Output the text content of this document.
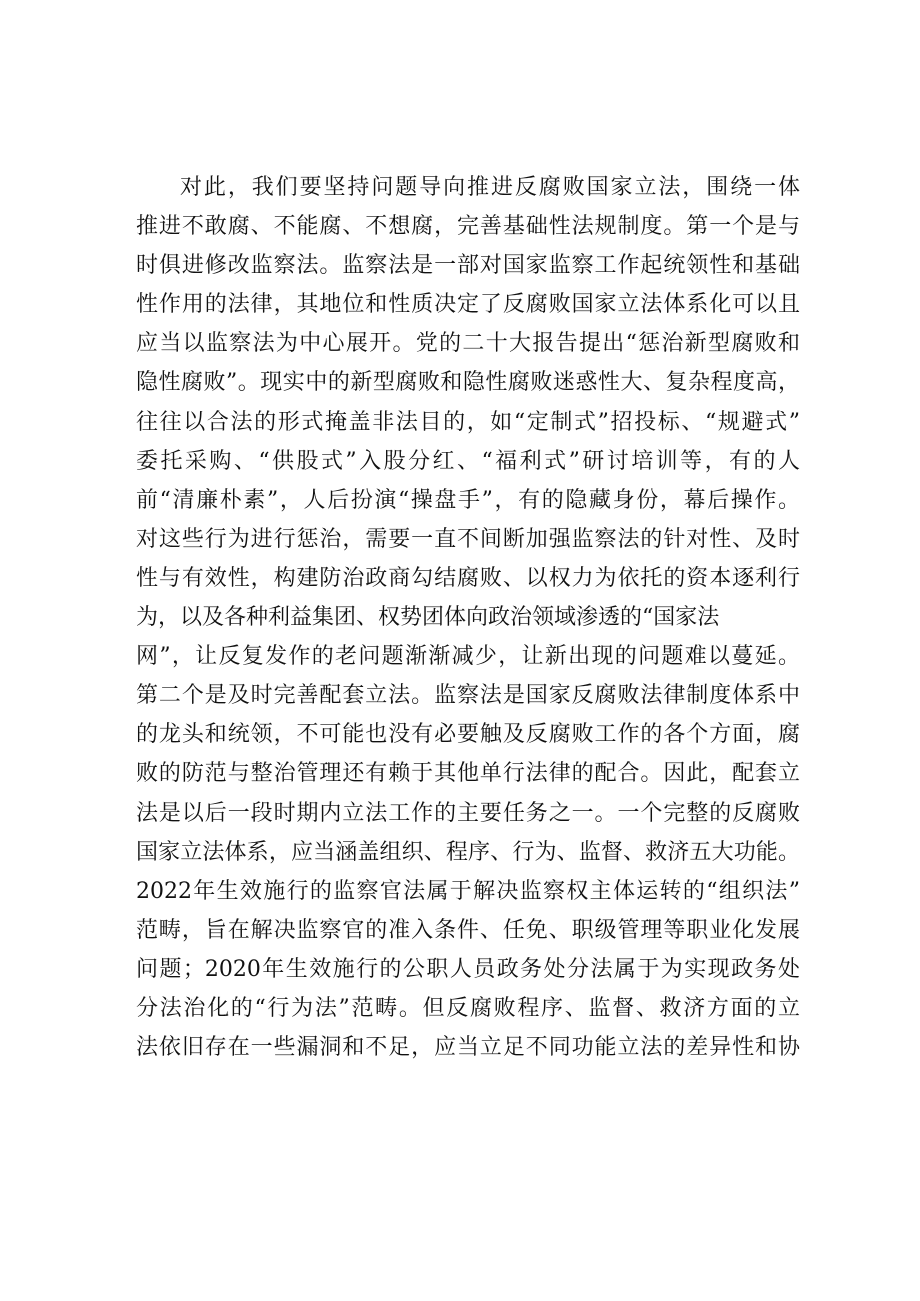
对此，我们要坚持问题导向推进反腐败国家立法，围绕一体
推进不敢腐、不能腐、不想腐，完善基础性法规制度。第一个是与
时俱进修改监察法。监察法是一部对国家监察工作起统领性和基础
性作用的法律，其地位和性质决定了反腐败国家立法体系化可以且
应当以监察法为中心展开。党的二十大报告提出“惩治新型腐败和
隐性腐败”。现实中的新型腐败和隐性腐败迷惑性大、复杂程度高，
往往以合法的形式掩盖非法目的，如“定制式”招投标、“规避式”
委托采购、“供股式”入股分红、“福利式”研讨培训等，有的人
前“清廉朴素”，人后扮演“操盘手”，有的隐藏身份，幕后操作。
对这些行为进行惩治，需要一直不间断加强监察法的针对性、及时
性与有效性，构建防治政商勾结腐败、以权力为依托的资本逐利行
为，以及各种利益集团、权势团体向政治领域渗透的“国家法
网”，让反复发作的老问题渐渐减少，让新出现的问题难以蔓延。
第二个是及时完善配套立法。监察法是国家反腐败法律制度体系中
的龙头和统领，不可能也没有必要触及反腐败工作的各个方面，腐
败的防范与整治管理还有赖于其他单行法律的配合。因此，配套立
法是以后一段时期内立法工作的主要任务之一。一个完整的反腐败
国家立法体系，应当涵盖组织、程序、行为、监督、救济五大功能。
2022年生效施行的监察官法属于解决监察权主体运转的“组织法”
范畴，旨在解决监察官的准入条件、任免、职级管理等职业化发展
问题；2020年生效施行的公职人员政务处分法属于为实现政务处
分法治化的“行为法”范畴。但反腐败程序、监督、救济方面的立
法依旧存在一些漏洞和不足，应当立足不同功能立法的差异性和协
